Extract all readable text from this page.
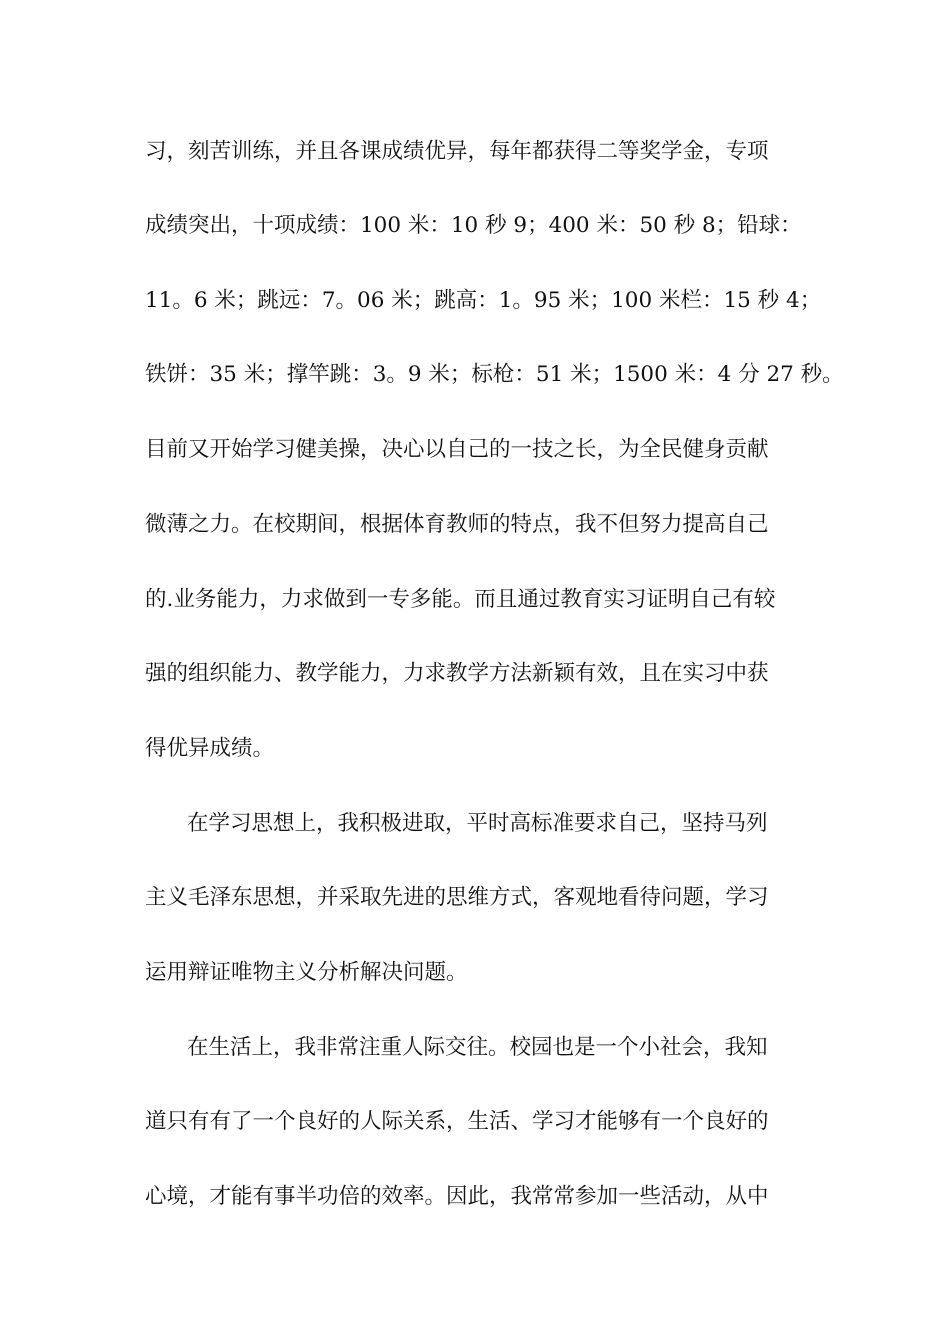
习，刻苦训练，并且各课成绩优异，每年都获得二等奖学金，专项
成绩突出，十项成绩：100 米：10 秒 9；400 米：50 秒 8；铅球：
11。6 米；跳远：7。06 米；跳高：1。95 米；100 米栏：15 秒 4；
铁饼：35 米；撑竿跳：3。9 米；标枪：51 米；1500 米：4 分 27 秒。
目前又开始学习健美操，决心以自己的一技之长，为全民健身贡献
微薄之力。在校期间，根据体育教师的特点，我不但努力提高自己
的.业务能力，力求做到一专多能。而且通过教育实习证明自己有较
强的组织能力、教学能力，力求教学方法新颖有效，且在实习中获
得优异成绩。
在学习思想上，我积极进取，平时高标准要求自己，坚持马列
主义毛泽东思想，并采取先进的思维方式，客观地看待问题，学习
运用辩证唯物主义分析解决问题。
在生活上，我非常注重人际交往。校园也是一个小社会，我知
道只有有了一个良好的人际关系，生活、学习才能够有一个良好的
心境，才能有事半功倍的效率。因此，我常常参加一些活动，从中
